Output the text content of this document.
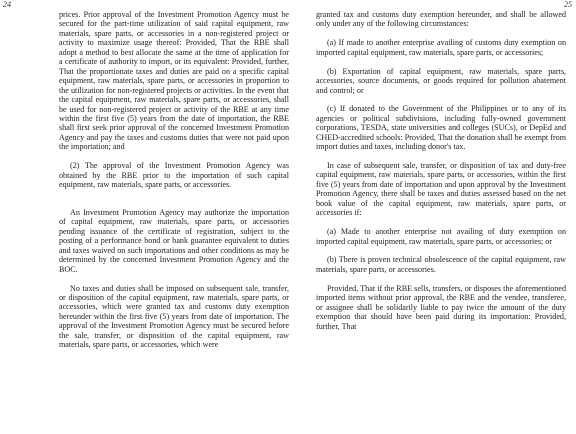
24	25

prices. Prior approval of the Investment Promotion Agency must be secured for the part-time utilization of said capital equipment, raw materials, spare parts, or accessories in a non-registered project or activity to maximize usage thereof: Provided, That the RBE shall adopt a method to best allocate the same at the time of application for a certificate of authority to import, or its equivalent: Provided, further, That the proportionate taxes and duties are paid on a specific capital equipment, raw materials, spare parts, or accessories in proportion to the utilization for non-registered projects or activities. In the event that the capital equipment, raw materials, spare parts, or accessories, shall be used for non-registered project or activity of the RBE at any time within the first five (5) years from the date of importation, the RBE shall first seek prior approval of the concerned Investment Promotion Agency and pay the taxes and customs duties that were not paid upon the importation; and

(2) The approval of the Investment Promotion Agency was obtained by the RBE prior to the importation of such capital equipment, raw materials, spare parts, or accessories.

An Investment Promotion Agency may authorize the importation of capital equipment, raw materials, spare parts, or accessories pending issuance of the certificate of registration, subject to the posting of a performance bond or bank guarantee equivalent to duties and taxes waived on such importations and other conditions as may be determined by the concerned Investment Promotion Agency and the BOC.

No taxes and duties shall be imposed on subsequent sale, transfer, or disposition of the capital equipment, raw materials, spare parts, or accessories, which were granted tax and customs duty exemption hereunder within the first five (5) years from date of importation. The approval of the Investment Promotion Agency must be secured before the sale, transfer, or disposition of the capital equipment, raw materials, spare parts, or accessories, which were

granted tax and customs duty exemption hereunder, and shall be allowed only under any of the following circumstances:

(a) If made to another enterprise availing of customs duty exemption on imported capital equipment, raw materials, spare parts, or accessories;

(b) Exportation of capital equipment, raw materials, spare parts, accessories, source documents, or goods required for pollution abatement and control; or

(c) If donated to the Government of the Philippines or to any of its agencies or political subdivisions, including fully-owned government corporations, TESDA, state universities and colleges (SUCs), or DepEd and CHED-accredited schools: Provided, That the donation shall be exempt from import duties and taxes, including donor's tax.

In case of subsequent sale, transfer, or disposition of tax and duty-free capital equipment, raw materials, spare parts, or accessories, within the first five (5) years from date of importation and upon approval by the Investment Promotion Agency, there shall be taxes and duties assessed based on the net book value of the capital equipment, raw materials, spare parts, or accessories if:

(a) Made to another enterprise not availing of duty exemption on imported capital equipment, raw materials, spare parts, or accessories; or

(b) There is proven technical obsolescence of the capital equipment, raw materials, spare parts, or accessories.

Provided, That if the RBE sells, transfers, or disposes the aforementioned imported items without prior approval, the RBE and the vendee, transferee, or assignee shall be solidarily liable to pay twice the amount of the duty exemption that should have been paid during its importation: Provided, further, That
